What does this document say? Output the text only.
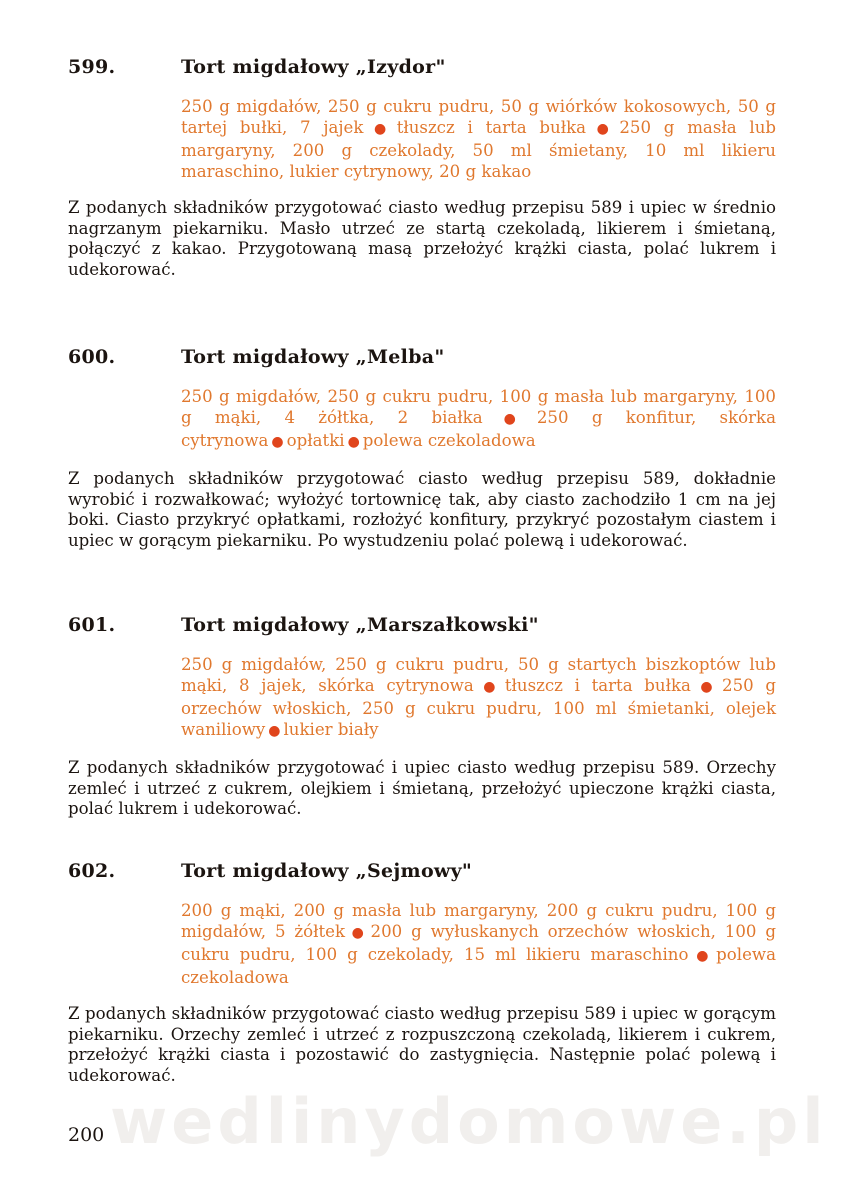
wedlinydomowe.pl
599.	Tort migdałowy „Izydor"
250 g migdałów, 250 g cukru pudru, 50 g wiórków kokosowych, 50 g tartej bułki, 7 jajek ● tłuszcz i tarta bułka ● 250 g masła lub margaryny, 200 g czekolady, 50 ml śmietany, 10 ml likieru maraschino, lukier cytrynowy, 20 g kakao
Z podanych składników przygotować ciasto według przepisu 589 i upiec w średnio nagrzanym piekarniku. Masło utrzeć ze startą czekoladą, likierem i śmietaną, połączyć z kakao. Przygotowaną masą przełożyć krążki ciasta, polać lukrem i udekorować.
600.	Tort migdałowy „Melba"
250 g migdałów, 250 g cukru pudru, 100 g masła lub margaryny, 100 g mąki, 4 żółtka, 2 białka ● 250 g konfitur, skórka cytrynowa ● opłatki ● polewa czekoladowa
Z podanych składników przygotować ciasto według przepisu 589, dokładnie wyrobić i rozwałkować; wyłożyć tortownicę tak, aby ciasto zachodziło 1 cm na jej boki. Ciasto przykryć opłatkami, rozłożyć konfitury, przykryć pozostałym ciastem i upiec w gorącym piekarniku. Po wystudzeniu polać polewą i udekorować.
601.	Tort migdałowy „Marszałkowski"
250 g migdałów, 250 g cukru pudru, 50 g startych biszkoptów lub mąki, 8 jajek, skórka cytrynowa ● tłuszcz i tarta bułka ● 250 g orzechów włoskich, 250 g cukru pudru, 100 ml śmietanki, olejek waniliowy ● lukier biały
Z podanych składników przygotować i upiec ciasto według przepisu 589. Orzechy zemleć i utrzeć z cukrem, olejkiem i śmietaną, przełożyć upieczone krążki ciasta, polać lukrem i udekorować.
602.	Tort migdałowy „Sejmowy"
200 g mąki, 200 g masła lub margaryny, 200 g cukru pudru, 100 g migdałów, 5 żółtek ● 200 g wyłuskanych orzechów włoskich, 100 g cukru pudru, 100 g czekolady, 15 ml likieru maraschino ● polewa czekoladowa
Z podanych składników przygotować ciasto według przepisu 589 i upiec w gorącym piekarniku. Orzechy zemleć i utrzeć z rozpuszczoną czekoladą, likierem i cukrem, przełożyć krążki ciasta i pozostawić do zastygnięcia. Następnie polać polewą i udekorować.
200
